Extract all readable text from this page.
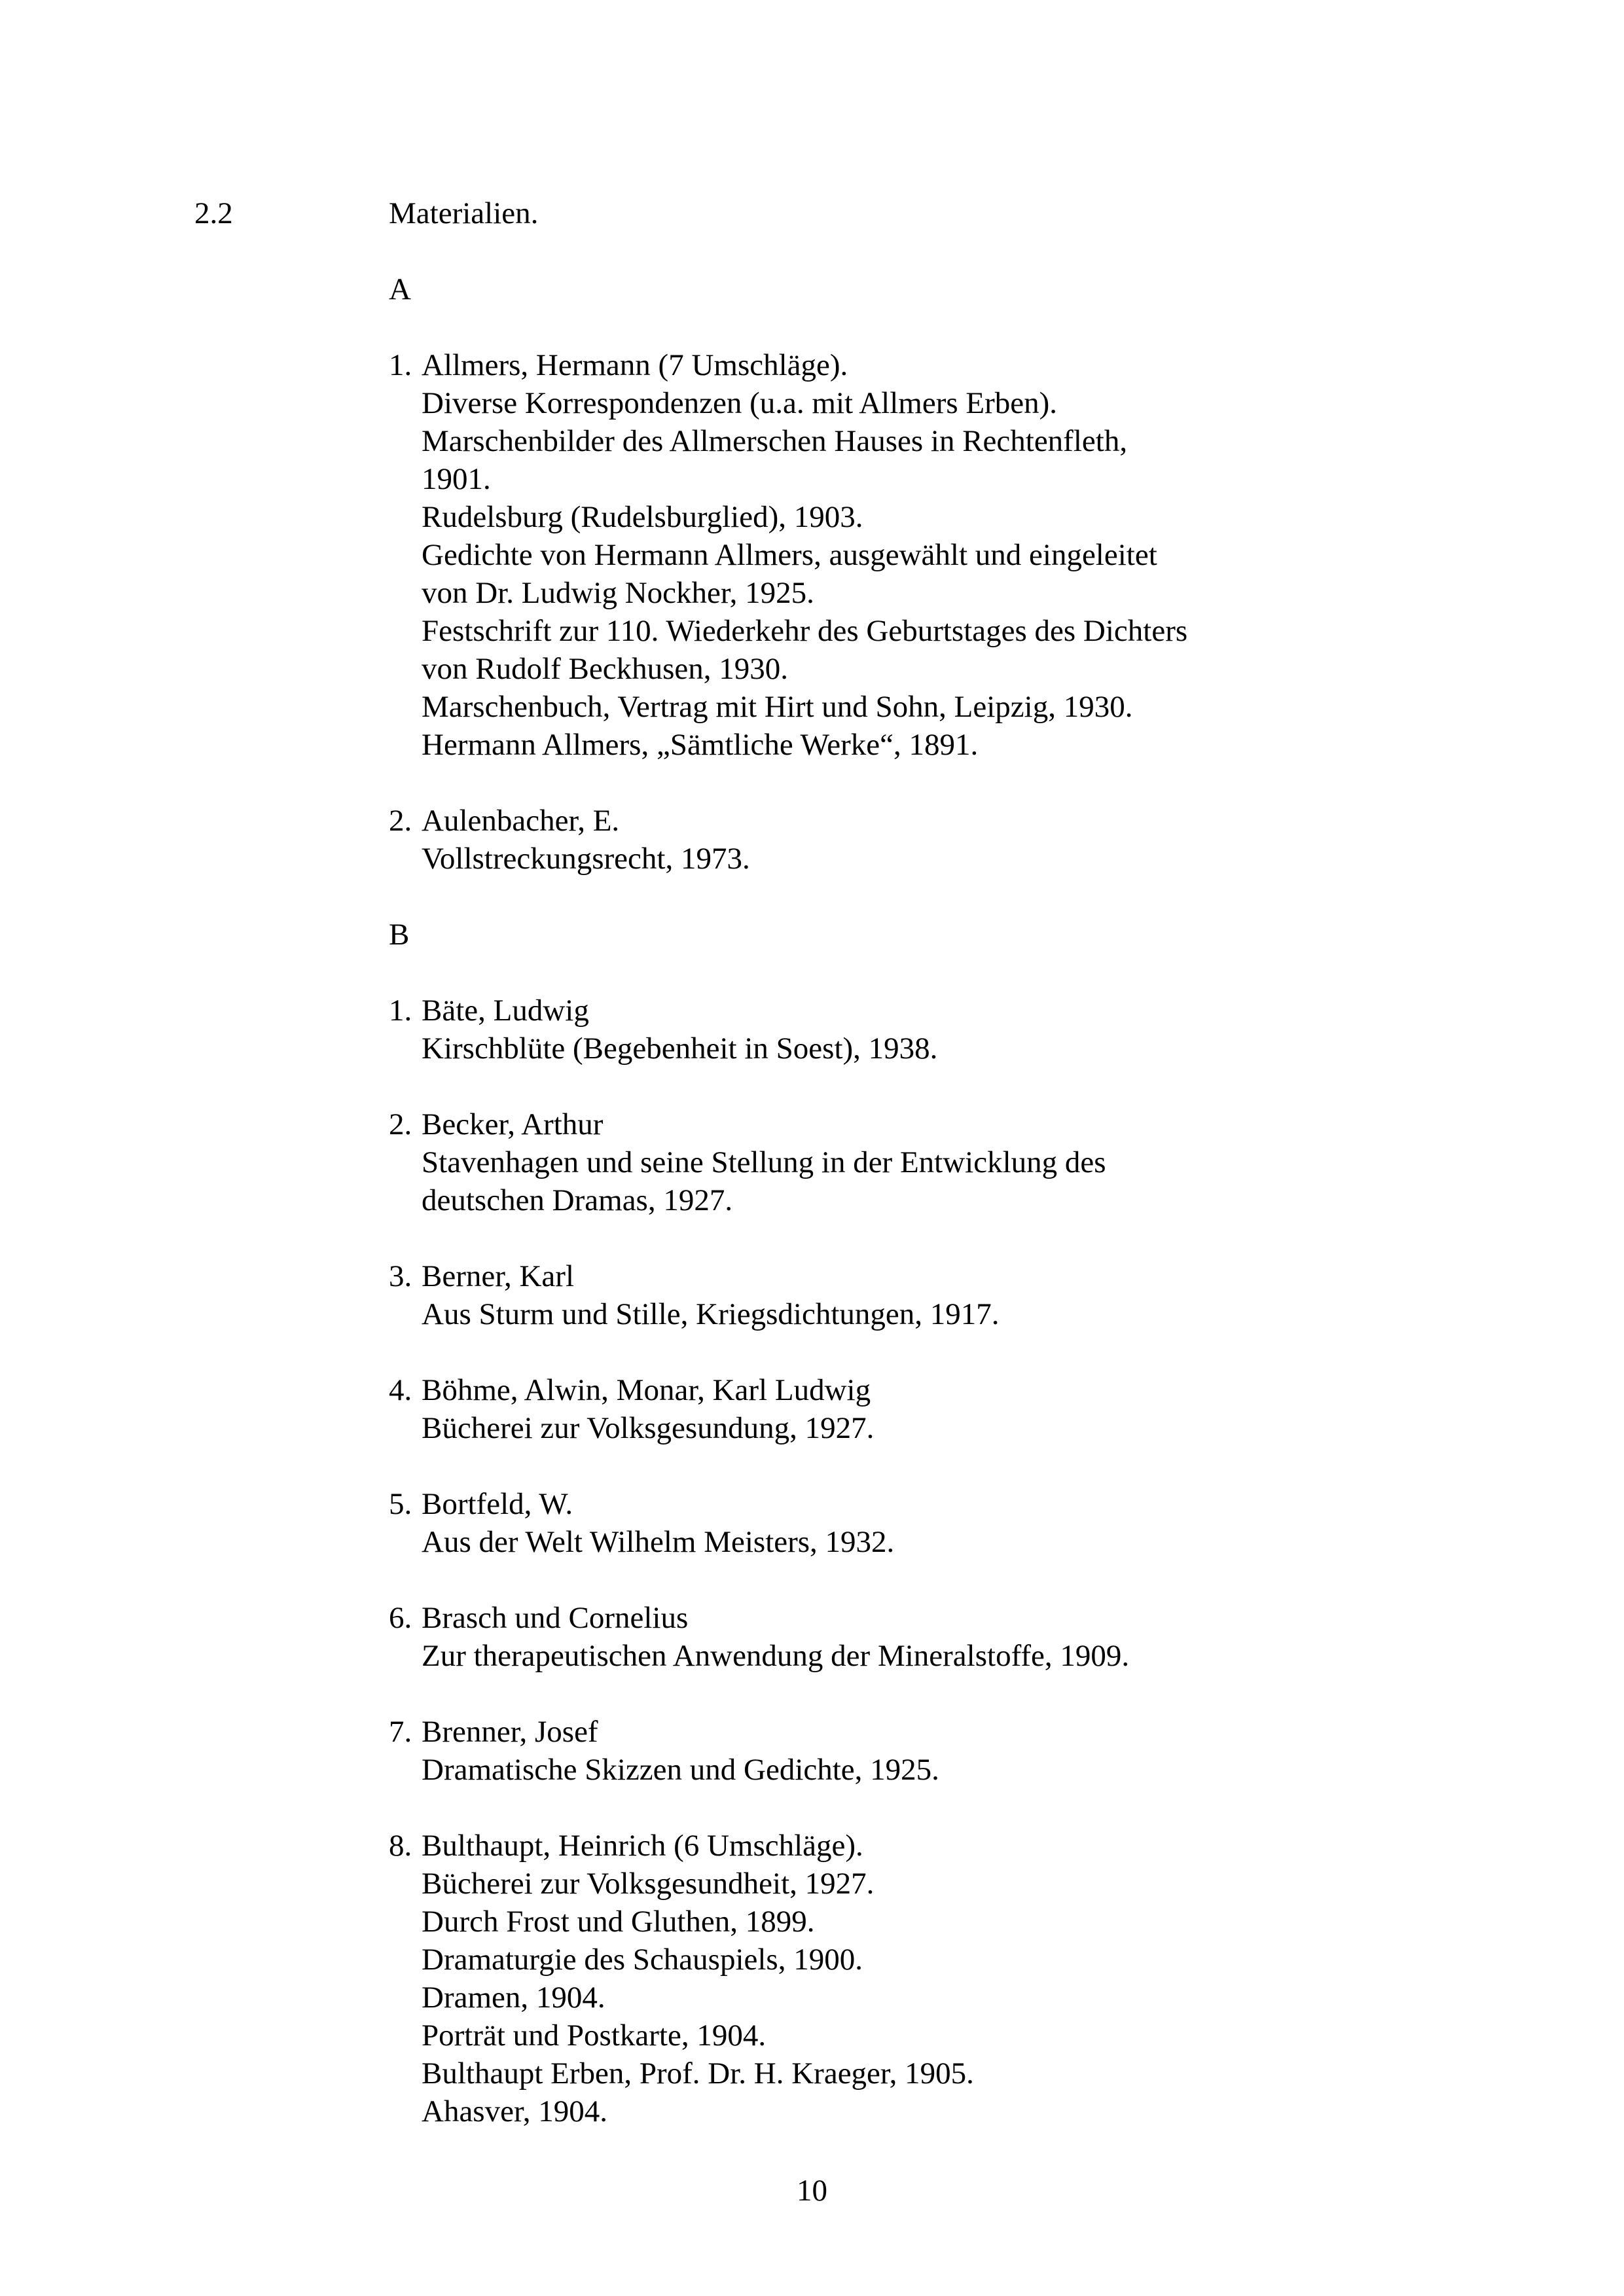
2.2	Materialien.
A
1. Allmers, Hermann (7 Umschläge).
Diverse Korrespondenzen (u.a. mit Allmers Erben).
Marschenbilder des Allmerschen Hauses in Rechtenfleth,
1901.
Rudelsburg (Rudelsburglied), 1903.
Gedichte von Hermann Allmers, ausgewählt und eingeleitet
von Dr. Ludwig Nockher, 1925.
Festschrift zur 110. Wiederkehr des Geburtstages des Dichters
von Rudolf Beckhusen, 1930.
Marschenbuch, Vertrag mit Hirt und Sohn, Leipzig, 1930.
Hermann Allmers, „Sämtliche Werke“, 1891.
2. Aulenbacher, E.
Vollstreckungsrecht, 1973.
B
1. Bäte, Ludwig
Kirschblüte (Begebenheit in Soest), 1938.
2. Becker, Arthur
Stavenhagen und seine Stellung in der Entwicklung des
deutschen Dramas, 1927.
3. Berner, Karl
Aus Sturm und Stille, Kriegsdichtungen, 1917.
4. Böhme, Alwin, Monar, Karl Ludwig
Bücherei zur Volksgesundung, 1927.
5. Bortfeld, W.
Aus der Welt Wilhelm Meisters, 1932.
6. Brasch und Cornelius
Zur therapeutischen Anwendung der Mineralstoffe, 1909.
7. Brenner, Josef
Dramatische Skizzen und Gedichte, 1925.
8. Bulthaupt, Heinrich (6 Umschläge).
Bücherei zur Volksgesundheit, 1927.
Durch Frost und Gluthen, 1899.
Dramaturgie des Schauspiels, 1900.
Dramen, 1904.
Porträt und Postkarte, 1904.
Bulthaupt Erben, Prof. Dr. H. Kraeger, 1905.
Ahasver, 1904.
10
